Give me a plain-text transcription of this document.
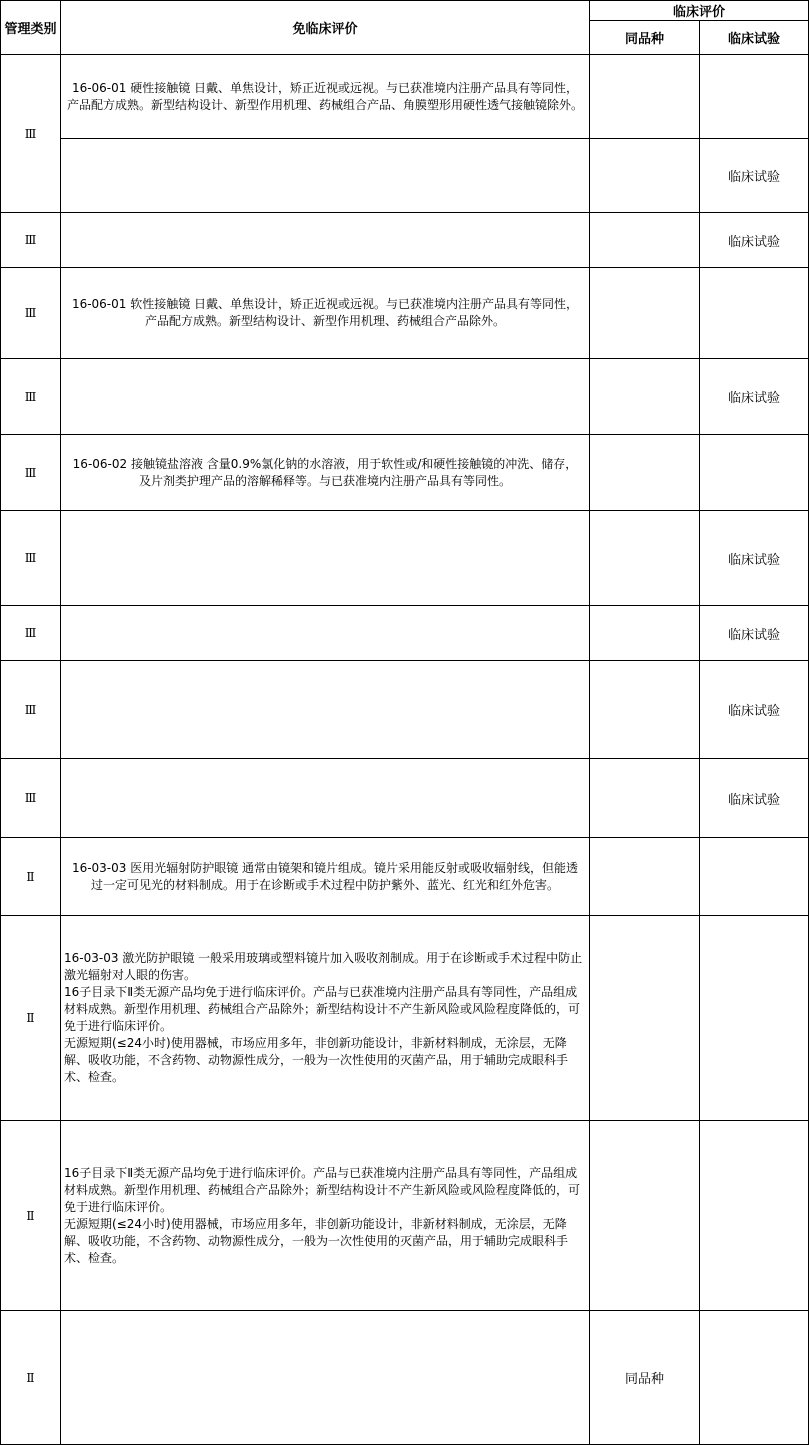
管理类别	免临床评价	临床评价	
		同品种	临床试验
Ⅲ	16-06-01 硬性接触镜 日戴、单焦设计，矫正近视或远视。与已获准境内注册产品具有等同性，产品配方成熟。新型结构设计、新型作用机理、药械组合产品、角膜塑形用硬性透气接触镜除外。		
			临床试验
Ⅲ			临床试验
Ⅲ	16-06-01 软性接触镜 日戴、单焦设计，矫正近视或远视。与已获准境内注册产品具有等同性，产品配方成熟。新型结构设计、新型作用机理、药械组合产品除外。		
Ⅲ			临床试验
Ⅲ	16-06-02 接触镜盐溶液 含量0.9%氯化钠的水溶液，用于软性或/和硬性接触镜的冲洗、储存，及片剂类护理产品的溶解稀释等。与已获准境内注册产品具有等同性。		
Ⅲ			临床试验
Ⅲ			临床试验
Ⅲ			临床试验
Ⅲ			临床试验
Ⅱ	16-03-03 医用光辐射防护眼镜 通常由镜架和镜片组成。镜片采用能反射或吸收辐射线，但能透过一定可见光的材料制成。用于在诊断或手术过程中防护紫外、蓝光、红光和红外危害。		
Ⅱ	16-03-03 激光防护眼镜 一般采用玻璃或塑料镜片加入吸收剂制成。用于在诊断或手术过程中防止激光辐射对人眼的伤害。
16子目录下Ⅱ类无源产品均免于进行临床评价。产品与已获准境内注册产品具有等同性，产品组成材料成熟。新型作用机理、药械组合产品除外；新型结构设计不产生新风险或风险程度降低的，可免于进行临床评价。
无源短期(≤24小时)使用器械，市场应用多年，非创新功能设计，非新材料制成，无涂层，无降解、吸收功能，不含药物、动物源性成分，一般为一次性使用的灭菌产品，用于辅助完成眼科手术、检查。		

Ⅱ	16子目录下Ⅱ类无源产品均免于进行临床评价。产品与已获准境内注册产品具有等同性，产品组成材料成熟。新型作用机理、药械组合产品除外；新型结构设计不产生新风险或风险程度降低的，可免于进行临床评价。
无源短期(≤24小时)使用器械，市场应用多年，非创新功能设计，非新材料制成，无涂层，无降解、吸收功能，不含药物、动物源性成分，一般为一次性使用的灭菌产品，用于辅助完成眼科手术、检查。		

Ⅱ		同品种	
